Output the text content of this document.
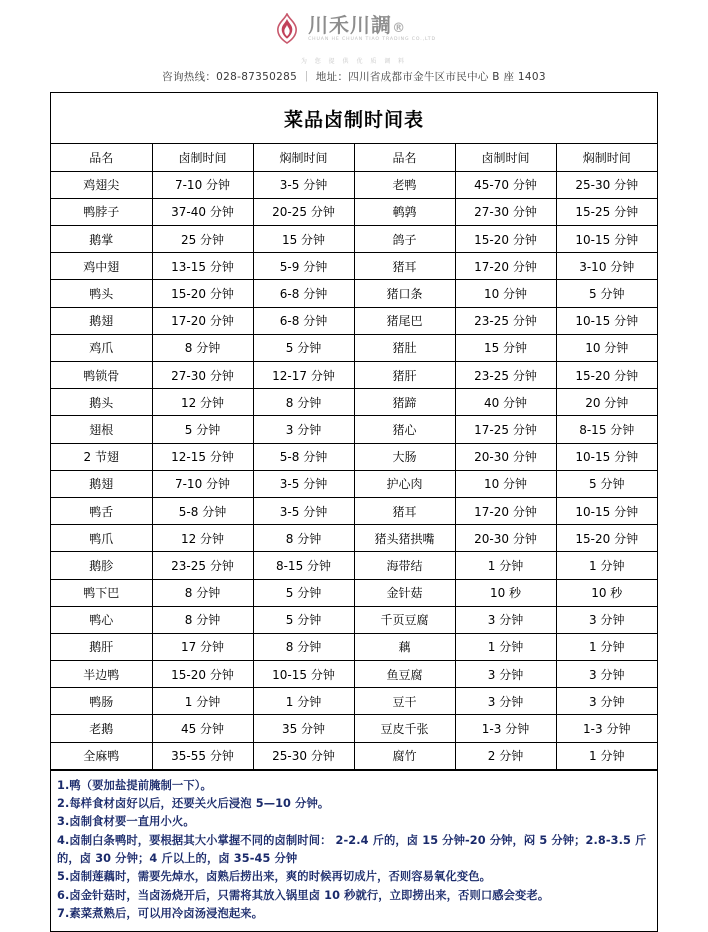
川禾川調®
CHUAN HE CHUAN TIAO TRADING CO.,LTD
为 您 提 供 优 质 调 料
咨询热线：028-87350285 ｜ 地址：四川省成都市金牛区市民中心 B 座 1403
菜品卤制时间表
品名	卤制时间	焖制时间	品名	卤制时间	焖制时间
鸡翅尖	7-10 分钟	3-5 分钟	老鸭	45-70 分钟	25-30 分钟
鸭脖子	37-40 分钟	20-25 分钟	鹌鹑	27-30 分钟	15-25 分钟
鹅掌	25 分钟	15 分钟	鸽子	15-20 分钟	10-15 分钟
鸡中翅	13-15 分钟	5-9 分钟	猪耳	17-20 分钟	3-10 分钟
鸭头	15-20 分钟	6-8 分钟	猪口条	10 分钟	5 分钟
鹅翅	17-20 分钟	6-8 分钟	猪尾巴	23-25 分钟	10-15 分钟
鸡爪	8 分钟	5 分钟	猪肚	15 分钟	10 分钟
鸭锁骨	27-30 分钟	12-17 分钟	猪肝	23-25 分钟	15-20 分钟
鹅头	12 分钟	8 分钟	猪蹄	40 分钟	20 分钟
翅根	5 分钟	3 分钟	猪心	17-25 分钟	8-15 分钟
2 节翅	12-15 分钟	5-8 分钟	大肠	20-30 分钟	10-15 分钟
鹅翅	7-10 分钟	3-5 分钟	护心肉	10 分钟	5 分钟
鸭舌	5-8 分钟	3-5 分钟	猪耳	17-20 分钟	10-15 分钟
鸭爪	12 分钟	8 分钟	猪头猪拱嘴	20-30 分钟	15-20 分钟
鹅胗	23-25 分钟	8-15 分钟	海带结	1 分钟	1 分钟
鸭下巴	8 分钟	5 分钟	金针菇	10 秒	10 秒
鸭心	8 分钟	5 分钟	千页豆腐	3 分钟	3 分钟
鹅肝	17 分钟	8 分钟	藕	1 分钟	1 分钟
半边鸭	15-20 分钟	10-15 分钟	鱼豆腐	3 分钟	3 分钟
鸭肠	1 分钟	1 分钟	豆干	3 分钟	3 分钟
老鹅	45 分钟	35 分钟	豆皮千张	1-3 分钟	1-3 分钟
全麻鸭	35-55 分钟	25-30 分钟	腐竹	2 分钟	1 分钟
1.鸭（要加盐提前腌制一下）。
2.每样食材卤好以后，还要关火后浸泡 5—10 分钟。
3.卤制食材要一直用小火。
4.卤制白条鸭时，要根据其大小掌握不同的卤制时间： 2-2.4 斤的，卤 15 分钟-20 分钟，闷 5 分钟；2.8-3.5 斤的，卤 30 分钟；4 斤以上的，卤 35-45 分钟
5.卤制莲藕时，需要先焯水，卤熟后捞出来，爽的时候再切成片，否则容易氧化变色。
6.卤金针菇时，当卤汤烧开后，只需将其放入锅里卤 10 秒就行，立即捞出来，否则口感会变老。
7.素菜煮熟后，可以用冷卤汤浸泡起来。
